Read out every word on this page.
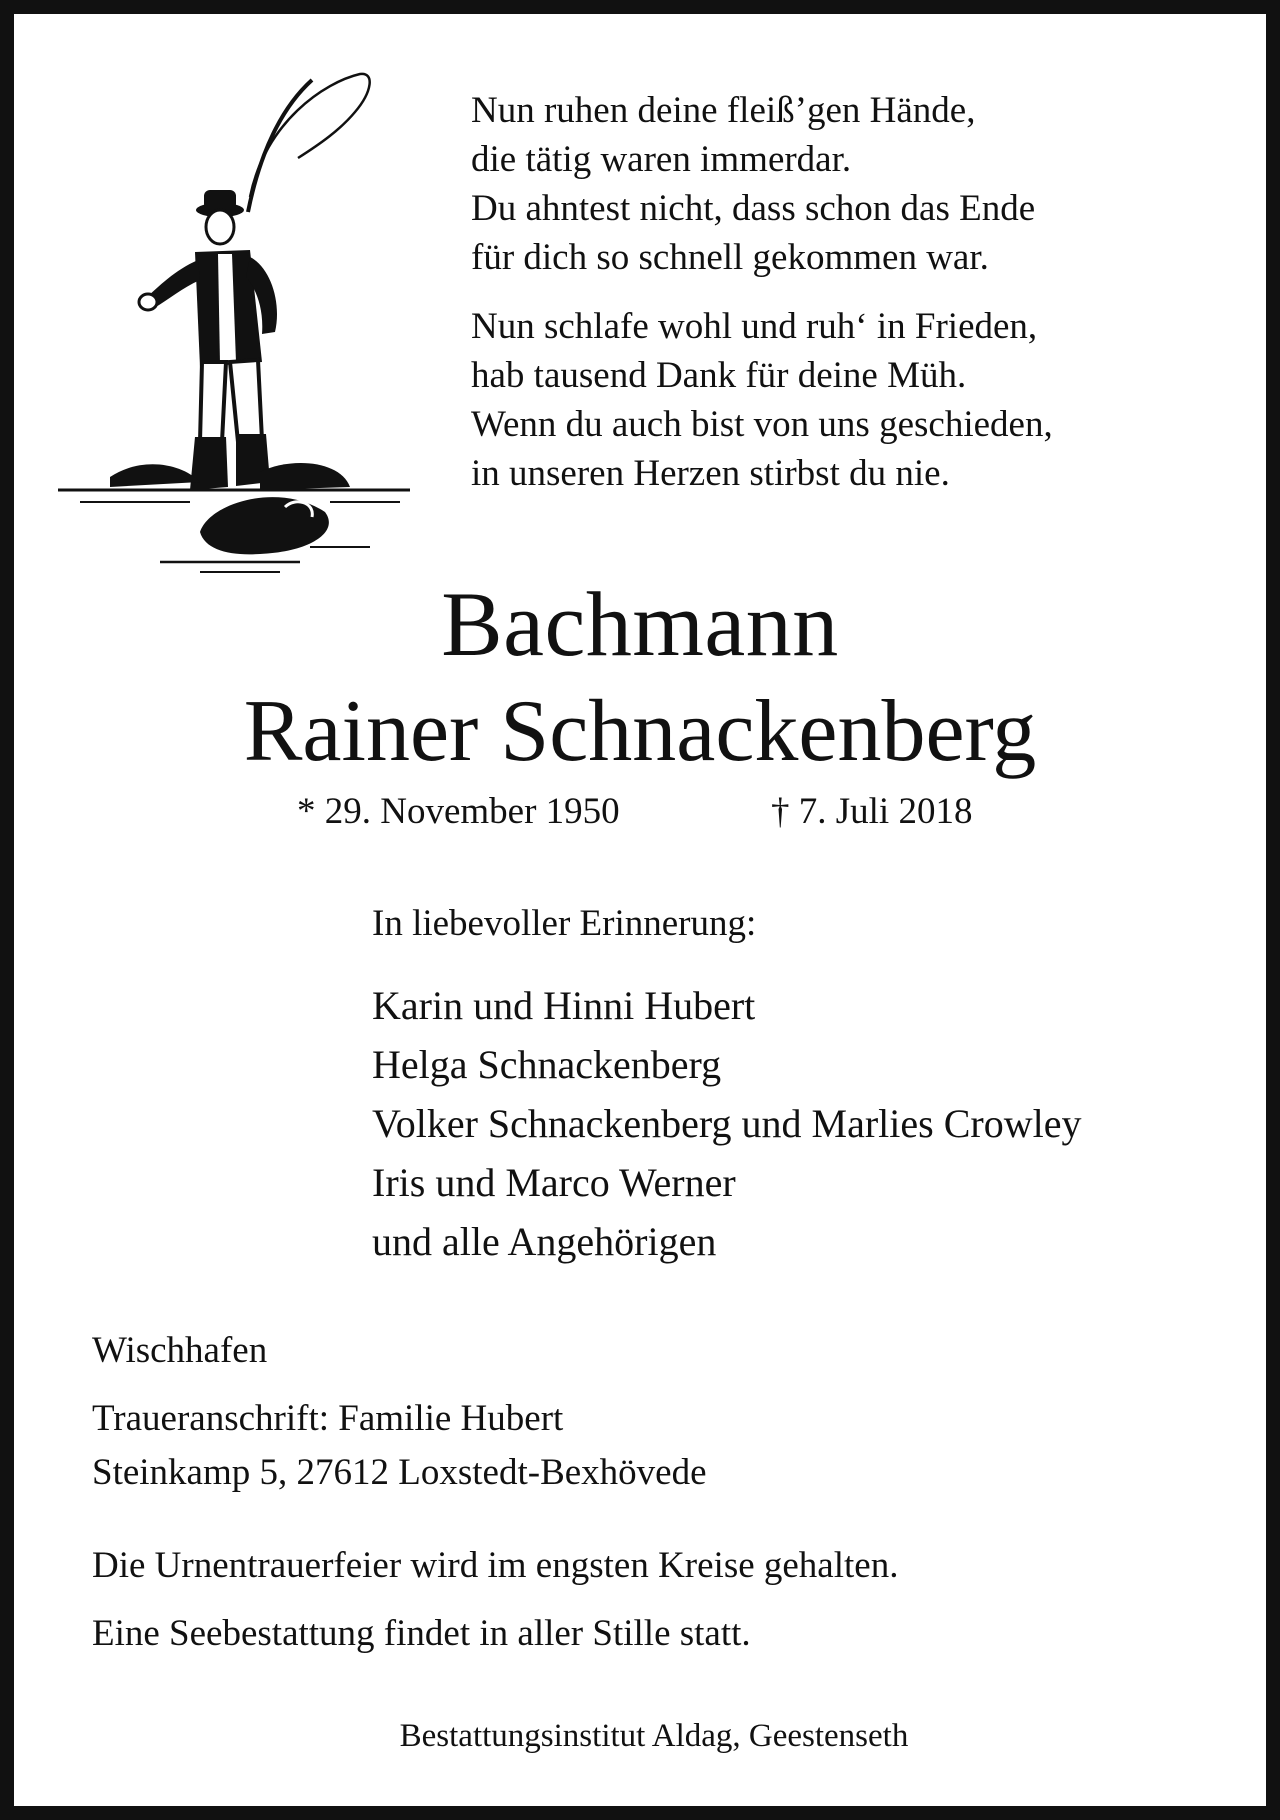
Nun ruhen deine fleiß’gen Hände,
die tätig waren immerdar.
Du ahntest nicht, dass schon das Ende
für dich so schnell gekommen war.

Nun schlafe wohl und ruh‘ in Frieden,
hab tausend Dank für deine Müh.
Wenn du auch bist von uns geschieden,
in unseren Herzen stirbst du nie.

Bachmann
Rainer Schnackenberg
* 29. November 1950	† 7. Juli 2018
In liebevoller Erinnerung:
Karin und Hinni Hubert
Helga Schnackenberg
Volker Schnackenberg und Marlies Crowley
Iris und Marco Werner
und alle Angehörigen
Wischhafen
Traueranschrift: Familie Hubert
Steinkamp 5, 27612 Loxstedt-Bexhövede
Die Urnentrauerfeier wird im engsten Kreise gehalten.
Eine Seebestattung findet in aller Stille statt.
Bestattungsinstitut Aldag, Geestenseth
